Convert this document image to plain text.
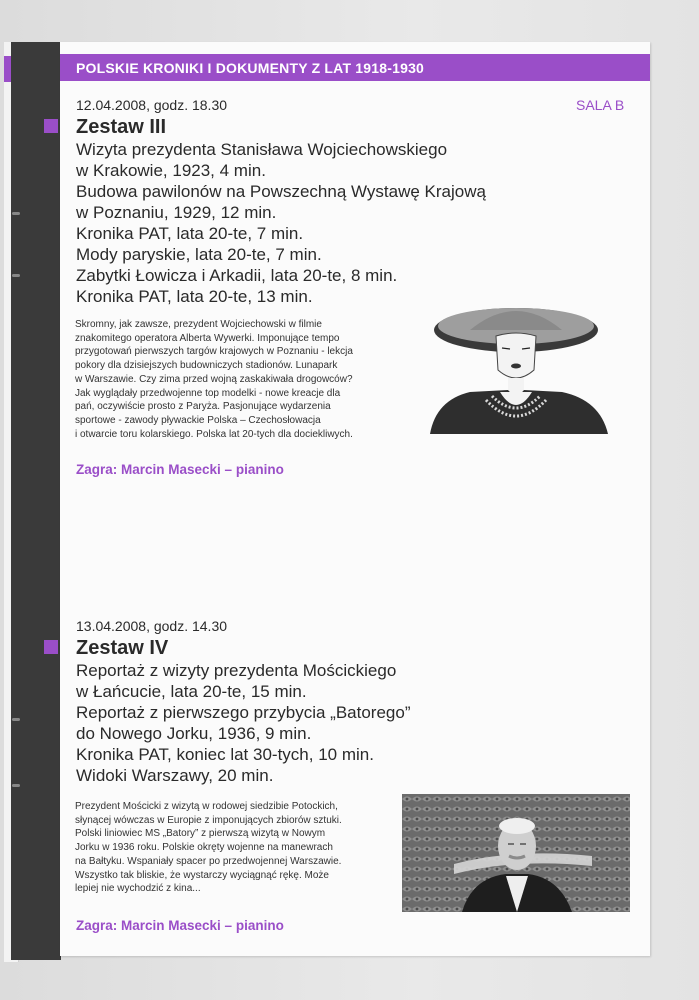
POLSKIE KRONIKI I DOKUMENTY Z LAT 1918-1930
12.04.2008, godz. 18.30	SALA B
Zestaw III
Wizyta prezydenta Stanisława Wojciechowskiego
w Krakowie, 1923, 4 min.
Budowa pawilonów na Powszechną Wystawę Krajową
w Poznaniu, 1929, 12 min.
Kronika PAT, lata 20-te, 7 min.
Mody paryskie, lata 20-te, 7 min.
Zabytki Łowicza i Arkadii, lata 20-te, 8 min.
Kronika PAT, lata 20-te, 13 min.
Skromny, jak zawsze, prezydent Wojciechowski w filmie
znakomitego operatora Alberta Wywerki. Imponujące tempo
przygotowań pierwszych targów krajowych w Poznaniu - lekcja
pokory dla dzisiejszych budowniczych stadionów. Lunapark
w Warszawie. Czy zima przed wojną zaskakiwała drogowców?
Jak wyglądały przedwojenne top modelki - nowe kreacje dla
pań, oczywiście prosto z Paryża. Pasjonujące wydarzenia
sportowe - zawody pływackie Polska – Czechosłowacja
i otwarcie toru kolarskiego. Polska lat 20-tych dla dociekliwych.
Zagra: Marcin Masecki – pianino
13.04.2008, godz. 14.30
Zestaw IV
Reportaż z wizyty prezydenta Mościckiego
w Łańcucie, lata 20-te, 15 min.
Reportaż z pierwszego przybycia „Batorego”
do Nowego Jorku, 1936, 9 min.
Kronika PAT, koniec lat 30-tych, 10 min.
Widoki Warszawy, 20 min.
Prezydent Mościcki z wizytą w rodowej siedzibie Potockich,
słynącej wówczas w Europie z imponujących zbiorów sztuki.
Polski liniowiec MS „Batory” z pierwszą wizytą w Nowym
Jorku w 1936 roku. Polskie okręty wojenne na manewrach
na Bałtyku. Wspaniały spacer po przedwojennej Warszawie.
Wszystko tak bliskie, że wystarczy wyciągnąć rękę. Może
lepiej nie wychodzić z kina...
Zagra: Marcin Masecki – pianino
